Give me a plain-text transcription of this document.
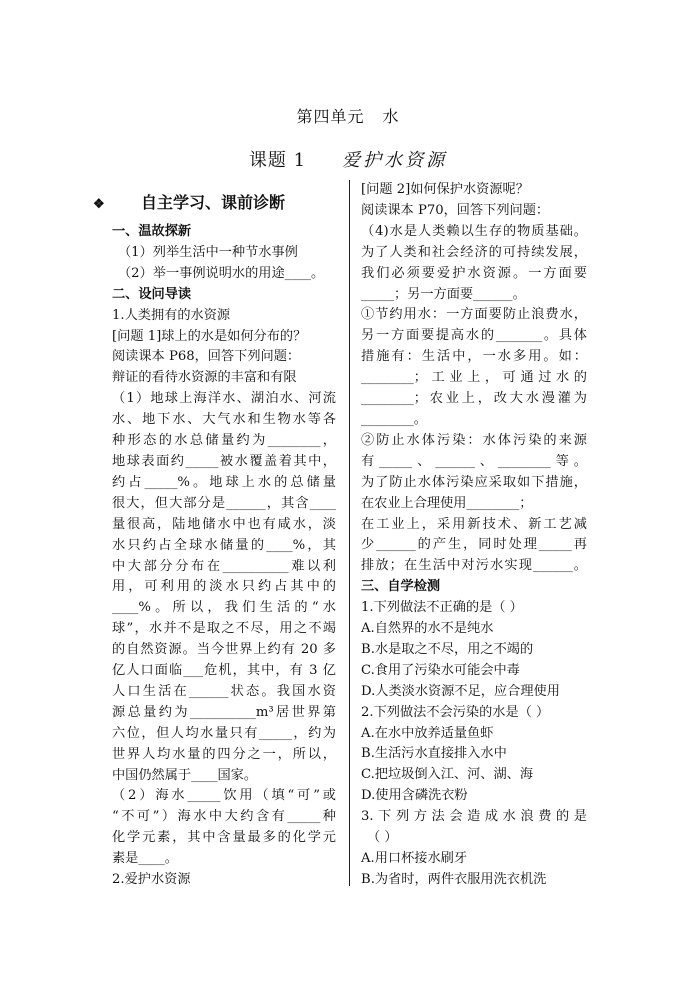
第四单元 水
课题 1 爱护水资源
❖ 自主学习、课前诊断
一、温故探新
（1）列举生活中一种节水事例
（2）举一事例说明水的用途____。
二、设问导读
1.人类拥有的水资源
[问题 1]球上的水是如何分布的？
阅读课本 P68，回答下列问题：
辩证的看待水资源的丰富和有限
（1）地球上海洋水、湖泊水、河流
水、地下水、大气水和生物水等各
种形态的水总储量约为________，
地球表面约_____被水覆盖着其中，
约占_____%。地球上水的总储量
很大，但大部分是______，其含____
量很高，陆地储水中也有咸水，淡
水只约占全球水储量的____%，其
中大部分分布在__________难以利
用，可利用的淡水只约占其中的
____%。所以，我们生活的“水
球”，水并不是取之不尽，用之不竭
的自然资源。当今世界上约有 20 多
亿人口面临___危机，其中，有 3 亿
人口生活在______状态。我国水资
源总量约为__________m³居世界第
六位，但人均水量只有_____，约为
世界人均水量的四分之一，所以，
中国仍然属于____国家。
（2）海水_____饮用（填“可”或
“不可”）海水中大约含有_____种
化学元素，其中含量最多的化学元
素是____。
2.爱护水资源
[问题 2]如何保护水资源呢？
阅读课本 P70，回答下列问题：
（4)水是人类赖以生存的物质基础。
为了人类和社会经济的可持续发展，
我们必须要爱护水资源。一方面要
_____；另一方面要______。
①节约用水：一方面要防止浪费水，
另一方面要提高水的_______。具体
措施有：生活中，一水多用。如：
________；工业上，可通过水的
________；农业上，改大水漫灌为
________。
②防止水体污染：水体污染的来源
有_____、______、________等。
为了防止水体污染应采取如下措施，
在农业上合理使用________；
在工业上，采用新技术、新工艺减
少______的产生，同时处理_____再
排放；在生活中对污水实现______。
三、自学检测
1.下列做法不正确的是（ ）
A.自然界的水不是纯水
B.水是取之不尽，用之不竭的
C.食用了污染水可能会中毒
D.人类淡水资源不足，应合理使用
2.下列做法不会污染的水是（ ）
A.在水中放养适量鱼虾
B.生活污水直接排入水中
C.把垃圾倒入江、河、湖、海
D.使用含磷洗衣粉
3.下列方法会造成水浪费的是
（ ）
A.用口杯接水刷牙
B.为省时，两件衣服用洗衣机洗
